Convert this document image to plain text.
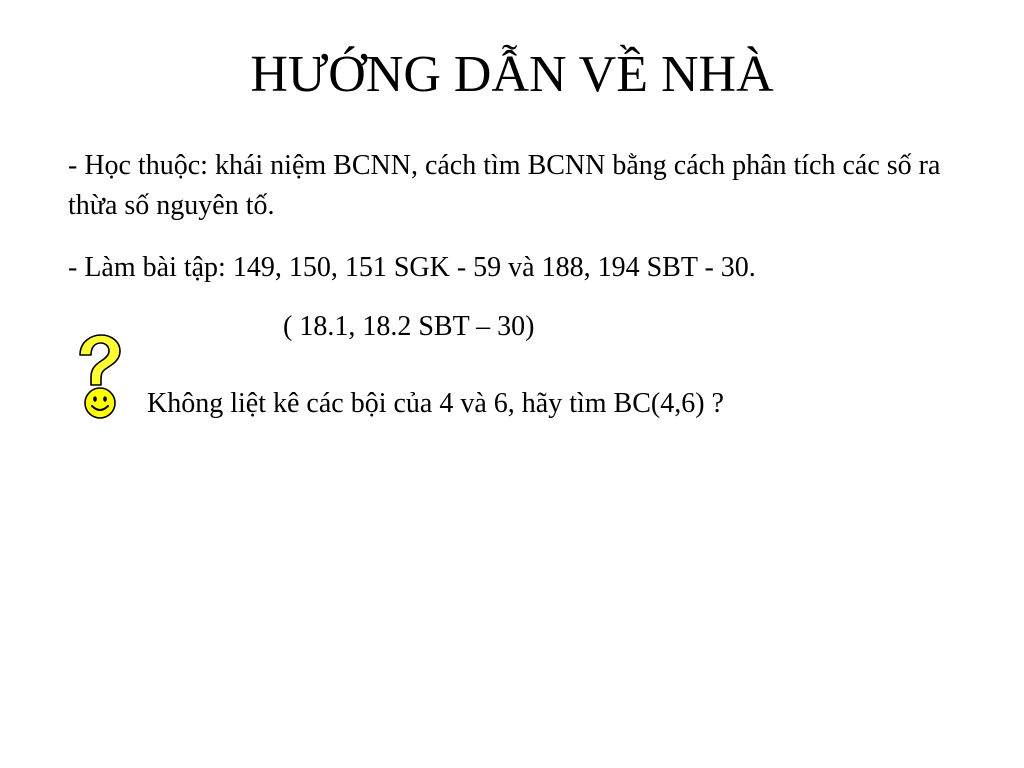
HƯỚNG DẪN VỀ NHÀ
- Học thuộc: khái niệm BCNN, cách tìm BCNN bằng cách phân tích các số ra thừa số nguyên tố.
- Làm bài tập: 149, 150, 151 SGK - 59 và 188, 194 SBT - 30.
( 18.1, 18.2 SBT – 30)
Không liệt kê các bội của 4 và 6, hãy tìm BC(4,6) ?
